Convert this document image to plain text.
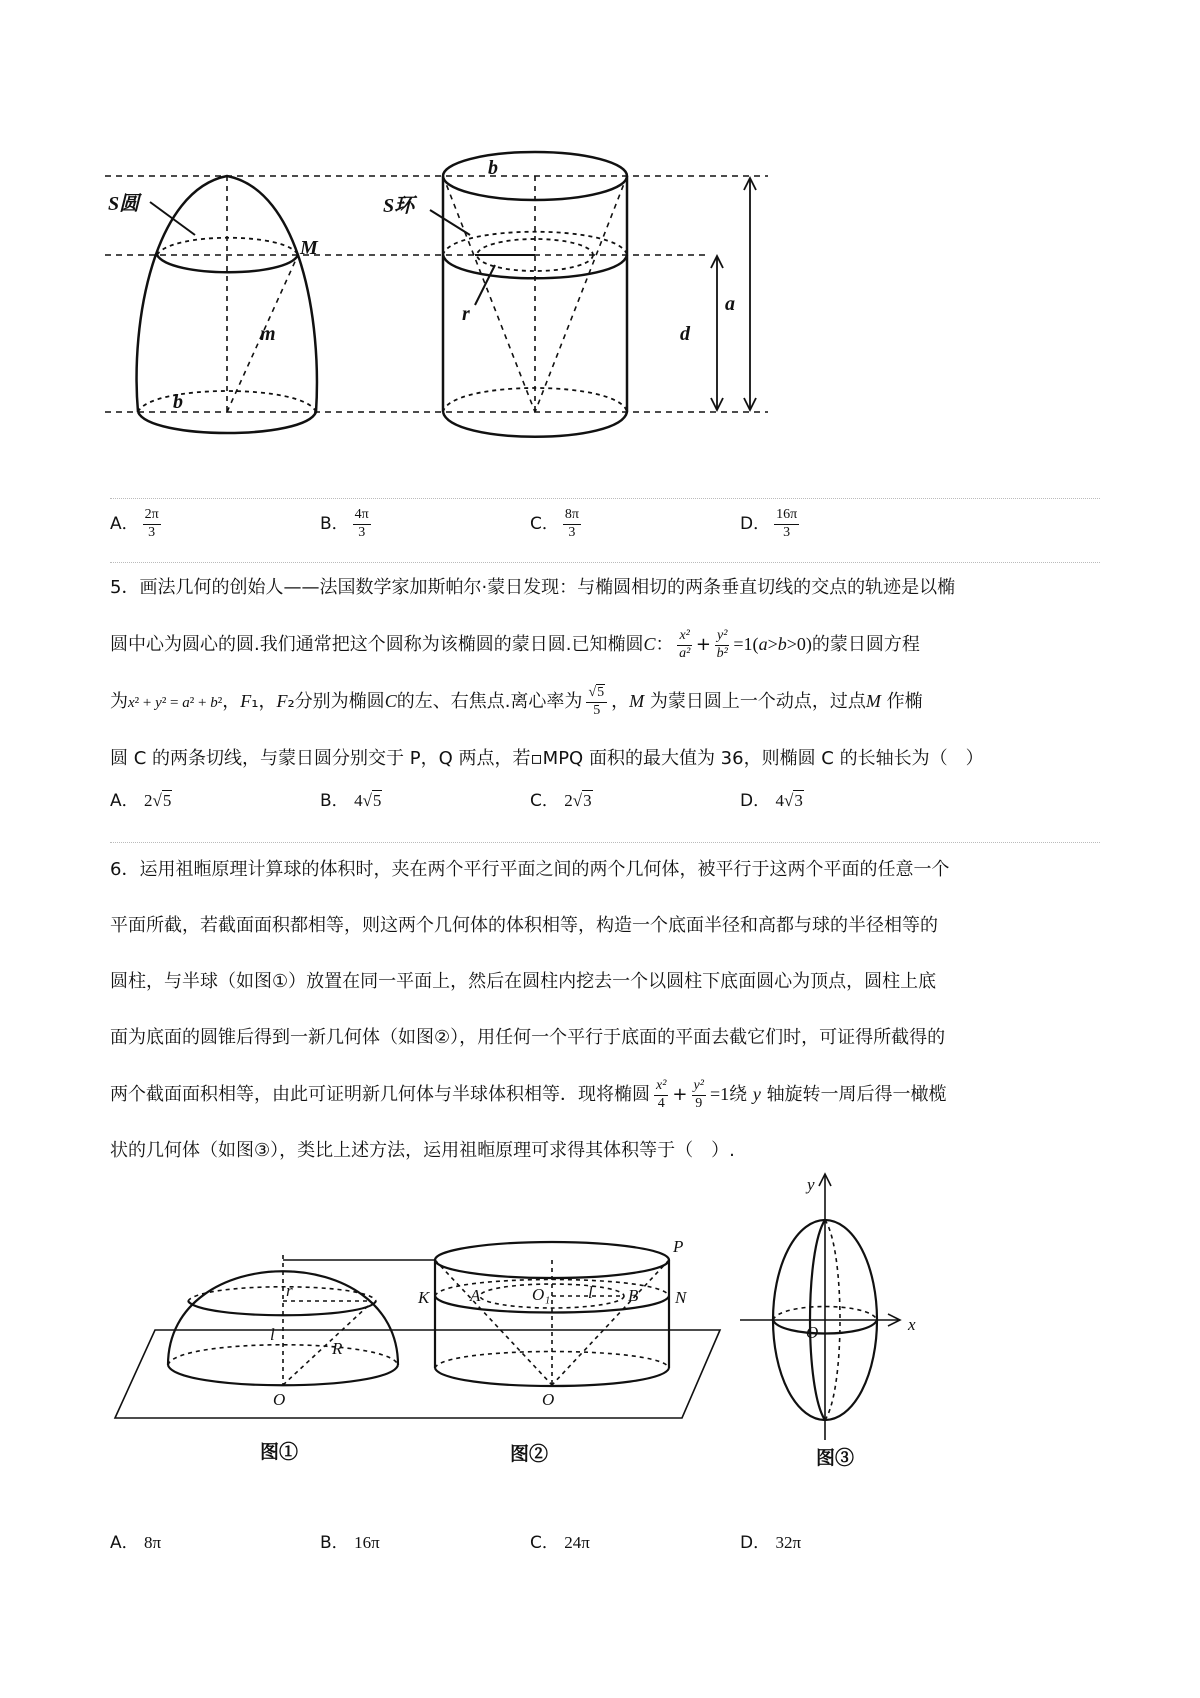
S圆
M
m
b
b
S环
r
d
a
A． $\frac{2\pi}{3}$	B． $\frac{4\pi}{3}$	C． $\frac{8\pi}{3}$	D． $\frac{16\pi}{3}$
5．画法几何的创始人——法国数学家加斯帕尔·蒙日发现：与椭圆相切的两条垂直切线的交点的轨迹是以椭
圆中心为圆心的圆.我们通常把这个圆称为该椭圆的蒙日圆.已知椭圆C： $\frac{\text{x²}}{\text{a²}} + \frac{\text{y²}}{\text{b²}} =1(a>b>0)$的蒙日圆方程
为x² + y² = a² + b²，F₁，F₂分别为椭圆C的左、右焦点.离心率为 $\frac{√5}{5}$ ，M 为蒙日圆上一个动点，过点M 作椭
圆 C 的两条切线，与蒙日圆分别交于 P，Q 两点，若▫MPQ 面积的最大值为 36，则椭圆 C 的长轴长为（　）
A． 2√5	B． 4√5	C． 2√3	D． 4√3
6．运用祖暅原理计算球的体积时，夹在两个平行平面之间的两个几何体，被平行于这两个平面的任意一个
平面所截，若截面面积都相等，则这两个几何体的体积相等，构造一个底面半径和高都与球的半径相等的
圆柱，与半球（如图①）放置在同一平面上，然后在圆柱内挖去一个以圆柱下底面圆心为顶点，圆柱上底
面为底面的圆锥后得到一新几何体（如图②），用任何一个平行于底面的平面去截它们时，可证得所截得的
两个截面面积相等，由此可证明新几何体与半球体积相等．现将椭圆 $\frac{\text{x²}}{4} + \frac{\text{y²}}{9} =1$绕 y 轴旋转一周后得一橄榄
状的几何体（如图③），类比上述方法，运用祖暅原理可求得其体积等于（　）.
r
l
R
O
K A	O₁ l B N
P
O
x
y
O
图①	图②	图③
A． 8π	B． 16π	C． 24π	D． 32π
